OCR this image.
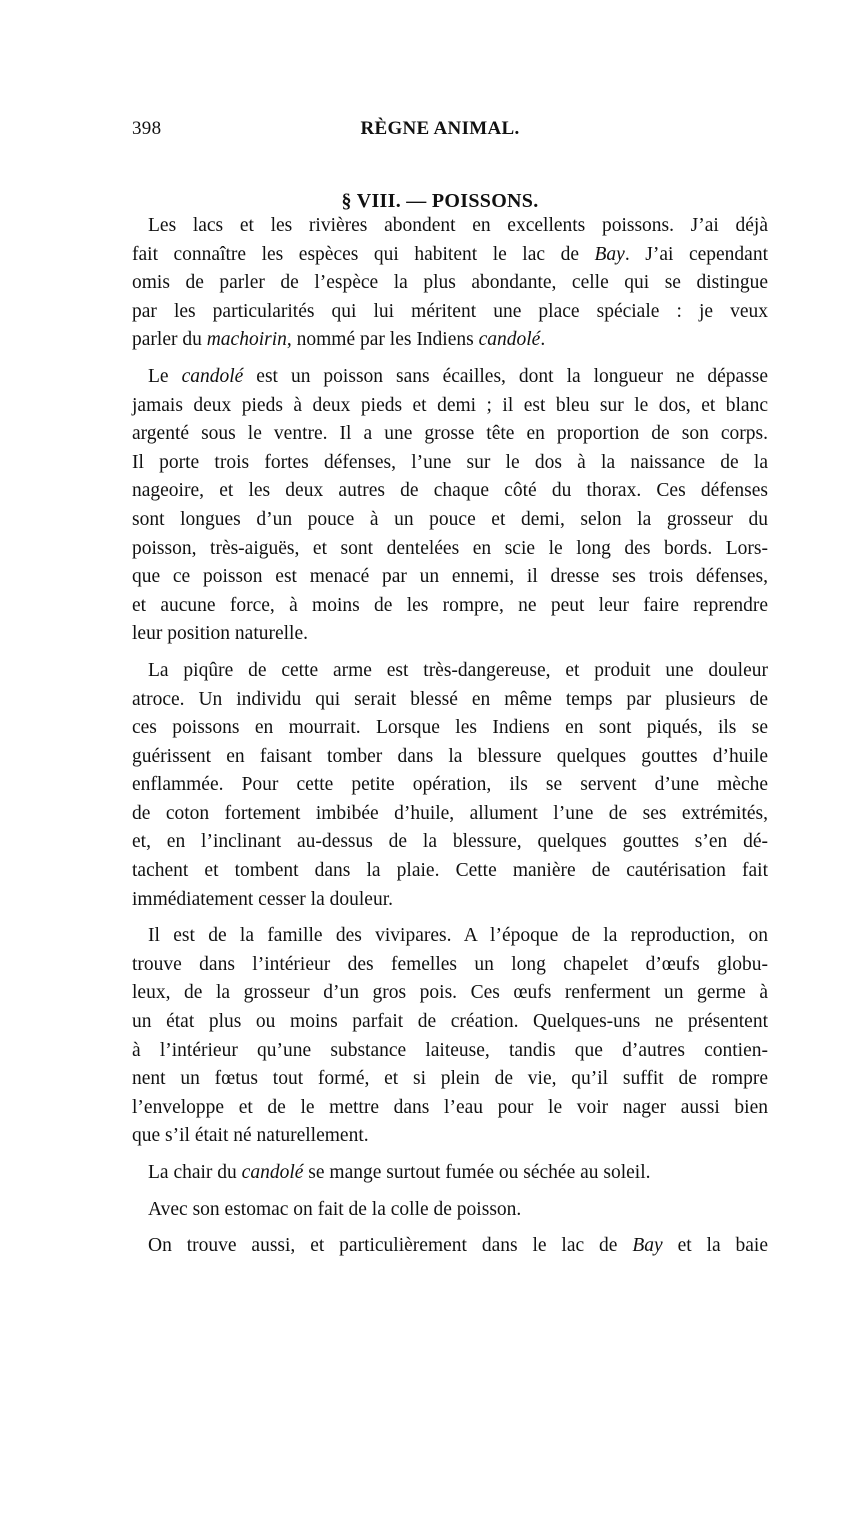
398	RÈGNE ANIMAL.
§ VIII. — POISSONS.
Les lacs et les rivières abondent en excellents poissons. J’ai déjà
fait connaître les espèces qui habitent le lac de Bay. J’ai cependant
omis de parler de l’espèce la plus abondante, celle qui se distingue
par les particularités qui lui méritent une place spéciale : je veux
parler du machoirin, nommé par les Indiens candolé.
Le candolé est un poisson sans écailles, dont la longueur ne dépasse
jamais deux pieds à deux pieds et demi ; il est bleu sur le dos, et blanc
argenté sous le ventre. Il a une grosse tête en proportion de son corps.
Il porte trois fortes défenses, l’une sur le dos à la naissance de la
nageoire, et les deux autres de chaque côté du thorax. Ces défenses
sont longues d’un pouce à un pouce et demi, selon la grosseur du
poisson, très-aiguës, et sont dentelées en scie le long des bords. Lors-
que ce poisson est menacé par un ennemi, il dresse ses trois défenses,
et aucune force, à moins de les rompre, ne peut leur faire reprendre
leur position naturelle.
La piqûre de cette arme est très-dangereuse, et produit une douleur
atroce. Un individu qui serait blessé en même temps par plusieurs de
ces poissons en mourrait. Lorsque les Indiens en sont piqués, ils se
guérissent en faisant tomber dans la blessure quelques gouttes d’huile
enflammée. Pour cette petite opération, ils se servent d’une mèche
de coton fortement imbibée d’huile, allument l’une de ses extrémités,
et, en l’inclinant au-dessus de la blessure, quelques gouttes s’en dé-
tachent et tombent dans la plaie. Cette manière de cautérisation fait
immédiatement cesser la douleur.
Il est de la famille des vivipares. A l’époque de la reproduction, on
trouve dans l’intérieur des femelles un long chapelet d’œufs globu-
leux, de la grosseur d’un gros pois. Ces œufs renferment un germe à
un état plus ou moins parfait de création. Quelques-uns ne présentent
à l’intérieur qu’une substance laiteuse, tandis que d’autres contien-
nent un fœtus tout formé, et si plein de vie, qu’il suffit de rompre
l’enveloppe et de le mettre dans l’eau pour le voir nager aussi bien
que s’il était né naturellement.
La chair du candolé se mange surtout fumée ou séchée au soleil.
Avec son estomac on fait de la colle de poisson.
On trouve aussi, et particulièrement dans le lac de Bay et la baie
